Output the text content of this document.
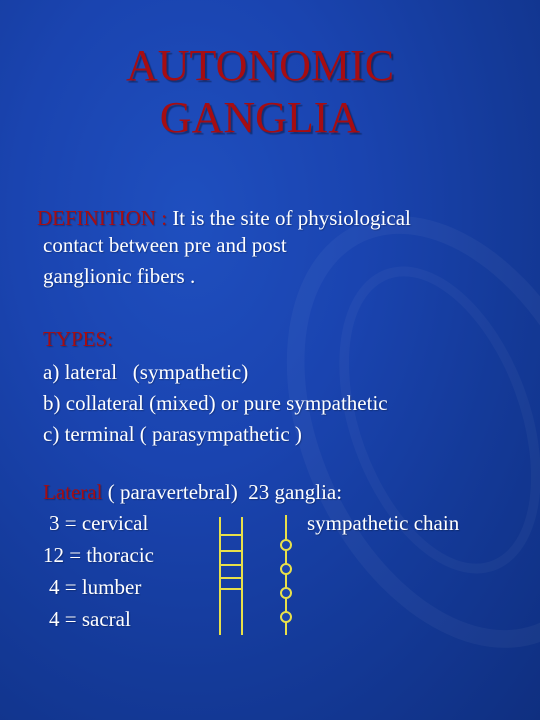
AUTONOMIC
GANGLIA
DEFINITION : It is the site of physiological
contact between pre and post
ganglionic fibers .
TYPES:
a) lateral   (sympathetic)
b) collateral (mixed) or pure sympathetic
c) terminal ( parasympathetic )
Lateral ( paravertebral)  23 ganglia:
3 = cervical	sympathetic chain
12 = thoracic
4 = lumber
4 = sacral
